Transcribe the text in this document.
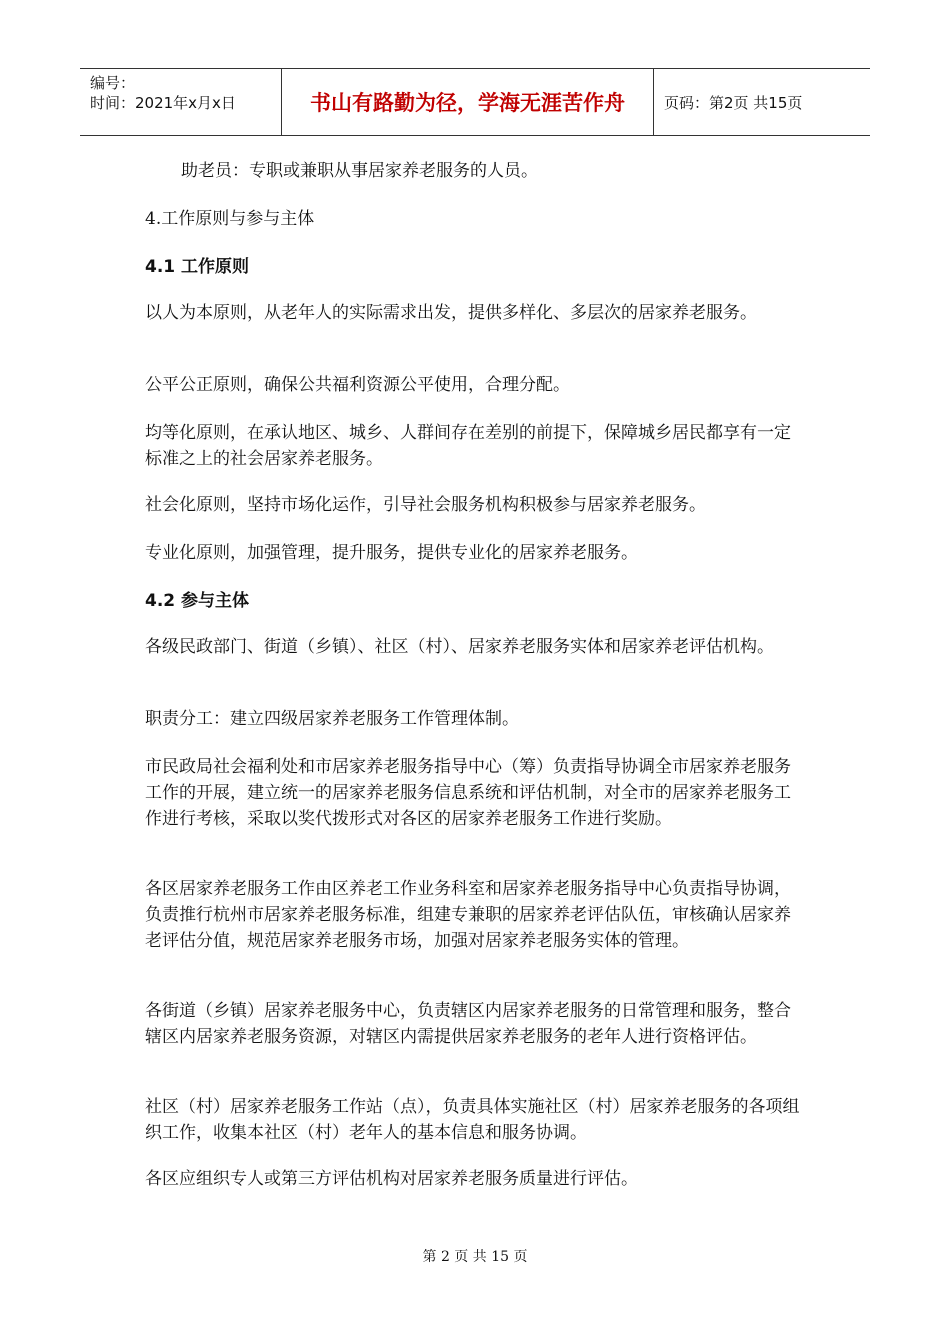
编号：
时间：2021年x月x日	书山有路勤为径，学海无涯苦作舟	页码：第2页 共15页

助老员：专职或兼职从事居家养老服务的人员。

4.工作原则与参与主体

4.1 工作原则

以人为本原则，从老年人的实际需求出发，提供多样化、多层次的居家养老服务。

公平公正原则，确保公共福利资源公平使用，合理分配。

均等化原则，在承认地区、城乡、人群间存在差别的前提下，保障城乡居民都享有一定标准之上的社会居家养老服务。

社会化原则，坚持市场化运作，引导社会服务机构积极参与居家养老服务。

专业化原则，加强管理，提升服务，提供专业化的居家养老服务。

4.2 参与主体

各级民政部门、街道（乡镇）、社区（村）、居家养老服务实体和居家养老评估机构。

职责分工：建立四级居家养老服务工作管理体制。

市民政局社会福利处和市居家养老服务指导中心（筹）负责指导协调全市居家养老服务工作的开展，建立统一的居家养老服务信息系统和评估机制，对全市的居家养老服务工作进行考核，采取以奖代拨形式对各区的居家养老服务工作进行奖励。

各区居家养老服务工作由区养老工作业务科室和居家养老服务指导中心负责指导协调，负责推行杭州市居家养老服务标准，组建专兼职的居家养老评估队伍，审核确认居家养老评估分值，规范居家养老服务市场，加强对居家养老服务实体的管理。

各街道（乡镇）居家养老服务中心，负责辖区内居家养老服务的日常管理和服务，整合辖区内居家养老服务资源，对辖区内需提供居家养老服务的老年人进行资格评估。

社区（村）居家养老服务工作站（点），负责具体实施社区（村）居家养老服务的各项组织工作，收集本社区（村）老年人的基本信息和服务协调。

各区应组织专人或第三方评估机构对居家养老服务质量进行评估。

第 2 页 共 15 页
